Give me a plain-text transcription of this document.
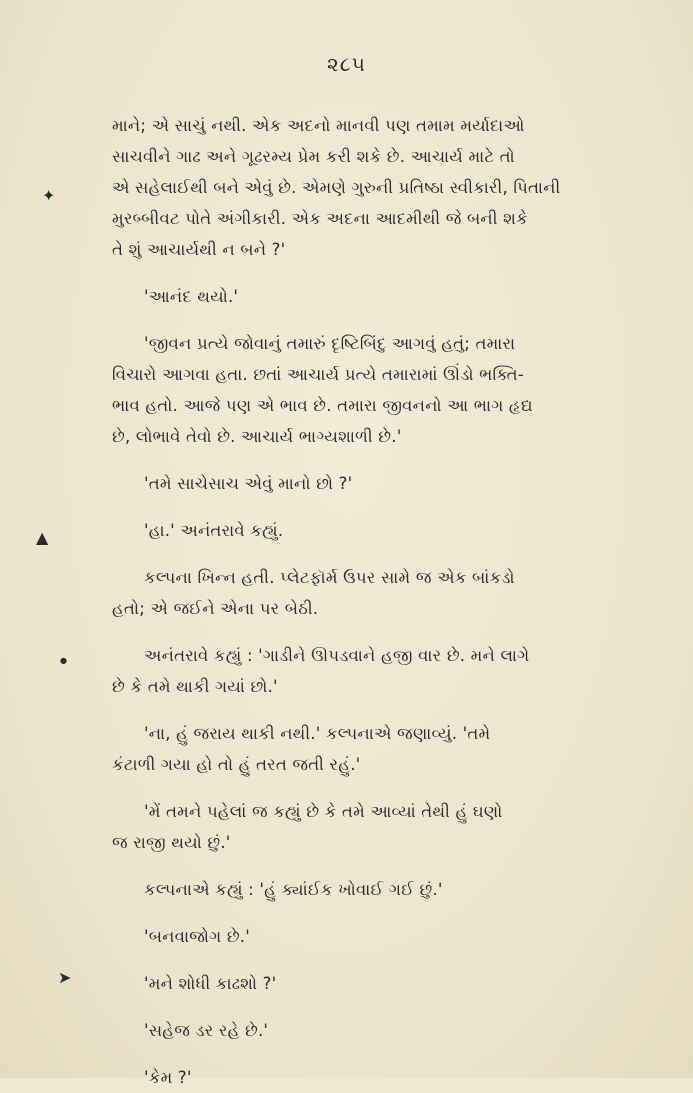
૨૮૫
✦
▲
●
➤
માને; એ સાચું નથી. એક અદનો માનવી પણ તમામ મર્યાદાઓ
સાચવીને ગાઢ અને ગૂઢરમ્ય પ્રેમ કરી શકે છે. આચાર્ય માટે તો
એ સહેલાઈથી બને એવું છે. એમણે ગુરુની પ્રતિષ્ઠા સ્વીકારી, પિતાની
મુરબ્બીવટ પોતે અંગીકારી. એક અદના આદમીથી જે બની શકે
તે શું આચાર્યથી ન બને ?'
'આનંદ થયો.'
'જીવન પ્રત્યે જોવાનું તમારું દૃષ્ટિબિંદુ આગવું હતું; તમારા
વિચારો આગવા હતા. છતાં આચાર્ય પ્રત્યે તમારામાં ઊંડો ભક્તિ-
ભાવ હતો. આજે પણ એ ભાવ છે. તમારા જીવનનો આ ભાગ હૃદ્ય
છે, લોભાવે તેવો છે. આચાર્ય ભાગ્યશાળી છે.'
'તમે સાચેસાચ એવું માનો છો ?'
'હા.' અનંતરાવે કહ્યું.
કલ્પના ખિન્ન હતી. પ્લેટફૉર્મ ઉપર સામે જ એક બાંકડો
હતો; એ જઈને એના પર બેઠી.
અનંતરાવે કહ્યું : 'ગાડીને ઊપડવાને હજી વાર છે. મને લાગે
છે કે તમે થાકી ગયાં છો.'
'ના, હું જરાય થાકી નથી.' કલ્પનાએ જણાવ્યું. 'તમે
કંટાળી ગયા હો તો હું તરત જતી રહું.'
'મેં તમને પહેલાં જ કહ્યું છે કે તમે આવ્યાં તેથી હું ઘણો
જ રાજી થયો છું.'
કલ્પનાએ કહ્યું : 'હું ક્યાંઈક ખોવાઈ ગઈ છું.'
'બનવાજોગ છે.'
'મને શોધી કાઢશો ?'
'સહેજ ડર રહે છે.'
'કેમ ?'
